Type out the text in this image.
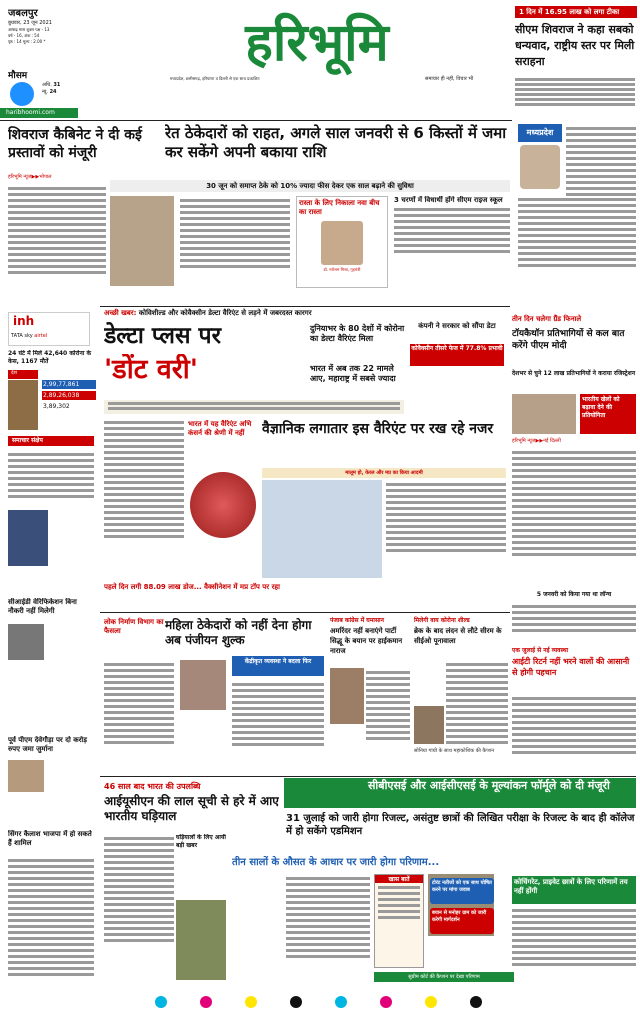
जबलपुर
बुधवार, 23 जून 2021
आषाढ़ मास शुक्ल पक्ष - 13
वर्ष - 16, अंक : 54
पृष्ठ : 14 मूल्य : 2.00 *
मौसम
अधि. 31
न्यू. 24
haribhoomi.com
हरिभूमि
मध्यप्रदेश, छत्तीसगढ़, हरियाणा व दिल्ली से एक साथ प्रकाशित	समाचार ही नहीं, विचार भी
1 दिन में 16.95 लाख को लगा टीका
सीएम शिवराज ने कहा सबको धन्यवाद, राष्ट्रीय स्तर पर मिली सराहना
मध्यप्रदेश
शिवराज कैबिनेट ने दी कई प्रस्तावों को मंजूरी
हरिभूमि न्यूज▶▶भोपाल
रेत ठेकेदारों को राहत, अगले साल जनवरी से 6 किस्तों में जमा कर सकेंगे अपनी बकाया राशि
30 जून को समाप्त ठेके को 10% ज्यादा फीस देकर एक साल बढ़ाने की सुविधा
रास्ता के लिए निकाला नवा बीच का रास्ता
डॉ. नरोत्तम मिश्रा, गृहमंत्री
3 चरणों में विधार्थी होंगे सीएम राइज स्कूल
inh
TATA sky airtel
24 घंटे में मिले 42,640 कोरोना के केस, 1167 मौतें
देश
2,99,77,861
2,89,26,038
3,89,302
समाचार संक्षेप
सीआईडी वेरिफिकेशन बिना नौकरी नहीं मिलेगी
पूर्व पीएम देवेगौड़ा पर दो करोड़ रुपए जमा जुर्माना
सिंगर कैलाश भाजपा में हो सकते हैं शामिल
अच्छी खबर: कोविशील्ड और कोवैक्सीन डेल्टा वैरिएंट से लड़ने में जबरदस्त कारगर
डेल्टा प्लस पर
'डोंट वरी'
दुनियाभर के 80 देशों में कोरोना का डेल्टा वैरिएंट मिला
भारत में अब तक 22 मामले आए, महाराष्ट्र में सबसे ज्यादा
कंपनी ने सरकार को सौंपा डेटा
कोवैक्सीन तीसरे फेज में 77.8% प्रभावी
भारत में यह वैरिएंट अभि कंसर्न की श्रेणी में नहीं	वैज्ञानिक लगातार इस वैरिएंट पर रख रहे नजर
मालूम हो, केरल और मप्र का किया आदमी
पहले दिन लगी 88.09 लाख डोज... वैक्सीनेशन में मप्र टॉप पर रहा
तीन दिन चलेगा ग्रैंड फिनाले
टॉयकैथॉन प्रतिभागियों से कल बात करेंगे पीएम मोदी
देशभर से चुने 12 लाख प्रतिभागियों ने कराया रजिस्ट्रेशन
भारतीय खेलों को बढ़ावा देने की प्रतियोगिता
हरिभूमि न्यूज▶▶नई दिल्ली
5 जनवरी को किया गया था लॉन्च
लोक निर्माण विभाग का फैसला	महिला ठेकेदारों को नहीं देना होगा अब पंजीयन शुल्क
केंद्रीकृत व्यवस्था ने बदला फिर
पंजाब कांग्रेस में घमासान
अमरिंदर नहीं बनाएंगे पार्टी सिद्धू के बयान पर हाईकमान नाराज
मिलेगी वाय कोरोना शील्ड
ब्रेक के बाद लंदन से लौटे सीरम के सीईओ पूनावाला
एक जुलाई से नई व्यवस्था
आईटी रिटर्न नहीं भरने वालों की आसानी से होगी पहचान
सोनिया गांधी के साथ महाकोशिक की कैप्शन
46 साल बाद भारत की उपलब्धि
आईयूसीएन की लाल सूची से हरे में आए भारतीय घड़ियाल
घड़ियालों के लिए आयी बड़ी खबर
सीबीएसई और आईसीएसई के मूल्यांकन फॉर्मूले को दी मंजूरी
31 जुलाई को जारी होगा रिजल्ट, असंतुष्ट छात्रों की लिखित परीक्षा के रिजल्ट के बाद ही कॉलेज में हो सकेंगे एडमिशन
तीन सालों के औसत के आधार पर जारी होगा परिणाम...
खास बातें	टोरंट नतीजों को एक साथ घोषित करने पर मांगा जवाब
बयान से मनोहर ग्राम को जारी करेगी मार्गदर्शन
सुप्रीम कोर्ट की कैप्शन पर देखा परिणाम
कोचिंगरेट, प्राइवेट छात्रों के लिए परिणामें तय नहीं होंगी
